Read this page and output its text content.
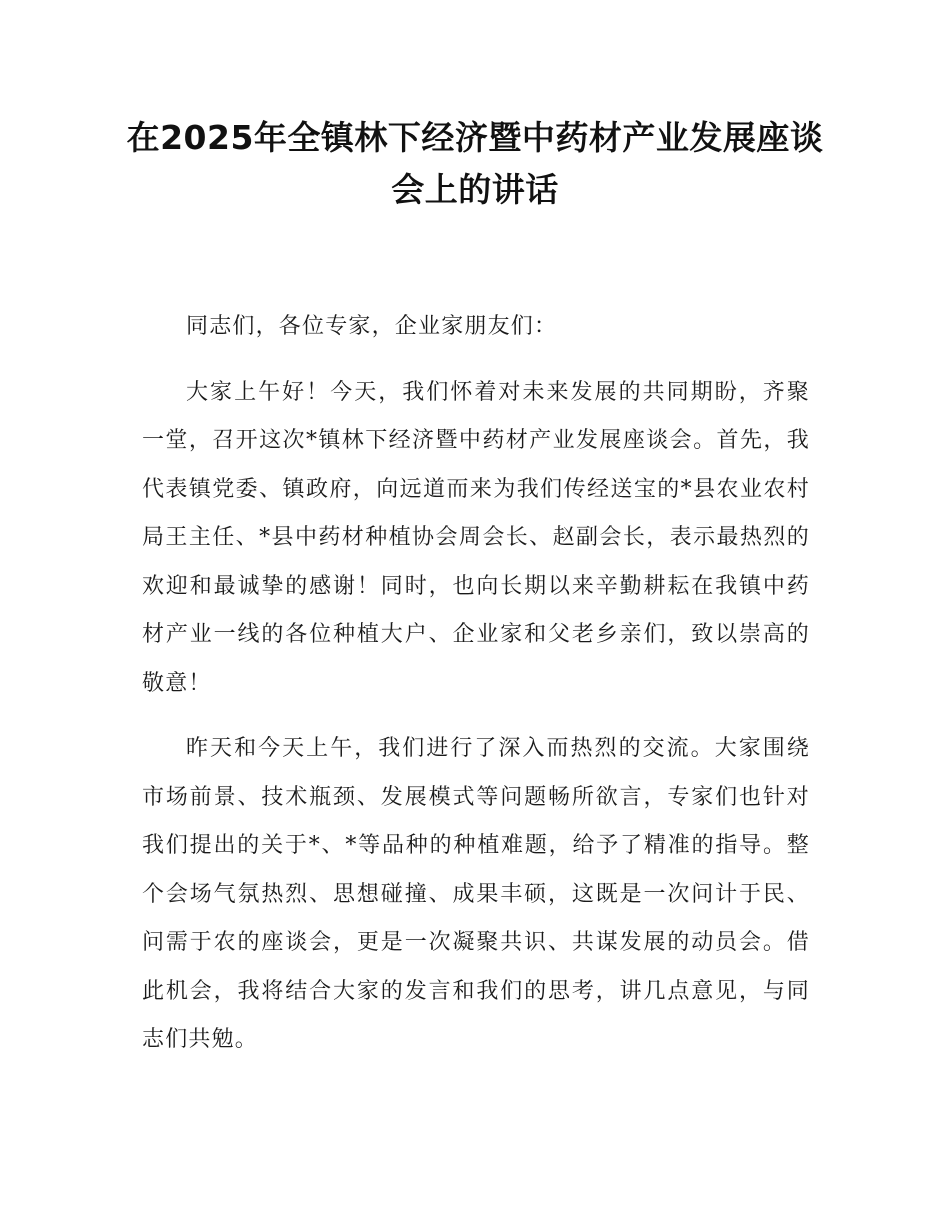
在2025年全镇林下经济暨中药材产业发展座谈会上的讲话

同志们，各位专家，企业家朋友们：

大家上午好！今天，我们怀着对未来发展的共同期盼，齐聚一堂，召开这次*镇林下经济暨中药材产业发展座谈会。首先，我代表镇党委、镇政府，向远道而来为我们传经送宝的*县农业农村局王主任、*县中药材种植协会周会长、赵副会长，表示最热烈的欢迎和最诚挚的感谢！同时，也向长期以来辛勤耕耘在我镇中药材产业一线的各位种植大户、企业家和父老乡亲们，致以崇高的敬意！

昨天和今天上午，我们进行了深入而热烈的交流。大家围绕市场前景、技术瓶颈、发展模式等问题畅所欲言，专家们也针对我们提出的关于*、*等品种的种植难题，给予了精准的指导。整个会场气氛热烈、思想碰撞、成果丰硕，这既是一次问计于民、问需于农的座谈会，更是一次凝聚共识、共谋发展的动员会。借此机会，我将结合大家的发言和我们的思考，讲几点意见，与同志们共勉。
